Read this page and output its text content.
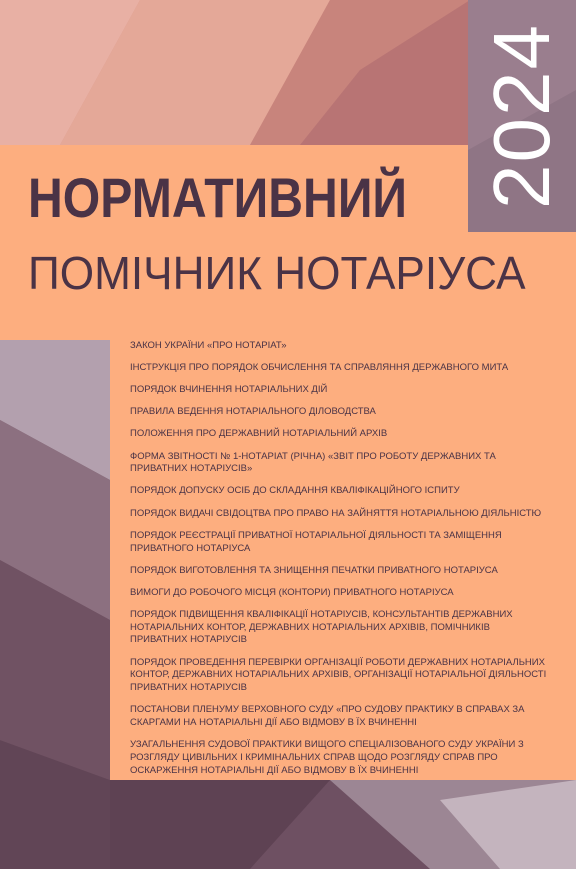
2024
НОРМАТИВНИЙ
ПОМІЧНИК НОТАРІУСА
ЗАКОН УКРАЇНИ «ПРО НОТАРІАТ»
ІНСТРУКЦІЯ ПРО ПОРЯДОК ОБЧИСЛЕННЯ ТА СПРАВЛЯННЯ ДЕРЖАВНОГО МИТА
ПОРЯДОК ВЧИНЕННЯ НОТАРІАЛЬНИХ ДІЙ
ПРАВИЛА ВЕДЕННЯ НОТАРІАЛЬНОГО ДІЛОВОДСТВА
ПОЛОЖЕННЯ ПРО ДЕРЖАВНИЙ НОТАРІАЛЬНИЙ АРХІВ
ФОРМА ЗВІТНОСТІ № 1-НОТАРІАТ (РІЧНА) «ЗВІТ ПРО РОБОТУ ДЕРЖАВНИХ ТА ПРИВАТНИХ НОТАРІУСІВ»
ПОРЯДОК ДОПУСКУ ОСІБ ДО СКЛАДАННЯ КВАЛІФІКАЦІЙНОГО ІСПИТУ
ПОРЯДОК ВИДАЧІ СВІДОЦТВА ПРО ПРАВО НА ЗАЙНЯТТЯ НОТАРІАЛЬНОЮ ДІЯЛЬНІСТЮ
ПОРЯДОК РЕЄСТРАЦІЇ ПРИВАТНОЇ НОТАРІАЛЬНОЇ ДІЯЛЬНОСТІ ТА ЗАМІЩЕННЯ ПРИВАТНОГО НОТАРІУСА
ПОРЯДОК ВИГОТОВЛЕННЯ ТА ЗНИЩЕННЯ ПЕЧАТКИ ПРИВАТНОГО НОТАРІУСА
ВИМОГИ ДО РОБОЧОГО МІСЦЯ (КОНТОРИ) ПРИВАТНОГО НОТАРІУСА
ПОРЯДОК ПІДВИЩЕННЯ КВАЛІФІКАЦІЇ НОТАРІУСІВ, КОНСУЛЬТАНТІВ ДЕРЖАВНИХ НОТАРІАЛЬНИХ КОНТОР, ДЕРЖАВНИХ НОТАРІАЛЬНИХ АРХІВІВ, ПОМІЧНИКІВ ПРИВАТНИХ НОТАРІУСІВ
ПОРЯДОК ПРОВЕДЕННЯ ПЕРЕВІРКИ ОРГАНІЗАЦІЇ РОБОТИ ДЕРЖАВНИХ НОТАРІАЛЬНИХ КОНТОР, ДЕРЖАВНИХ НОТАРІАЛЬНИХ АРХІВІВ, ОРГАНІЗАЦІЇ НОТАРІАЛЬНОЇ ДІЯЛЬНОСТІ ПРИВАТНИХ НОТАРІУСІВ
ПОСТАНОВИ ПЛЕНУМУ ВЕРХОВНОГО СУДУ «ПРО СУДОВУ ПРАКТИКУ В СПРАВАХ ЗА СКАРГАМИ НА НОТАРІАЛЬНІ ДІЇ АБО ВІДМОВУ В ЇХ ВЧИНЕННІ
УЗАГАЛЬНЕННЯ СУДОВОЇ ПРАКТИКИ ВИЩОГО СПЕЦІАЛІЗОВАНОГО СУДУ УКРАЇНИ З РОЗГЛЯДУ ЦИВІЛЬНИХ І КРИМІНАЛЬНИХ СПРАВ ЩОДО РОЗГЛЯДУ СПРАВ ПРО ОСКАРЖЕННЯ НОТАРІАЛЬНІ ДІЇ АБО ВІДМОВУ В ЇХ ВЧИНЕННІ
